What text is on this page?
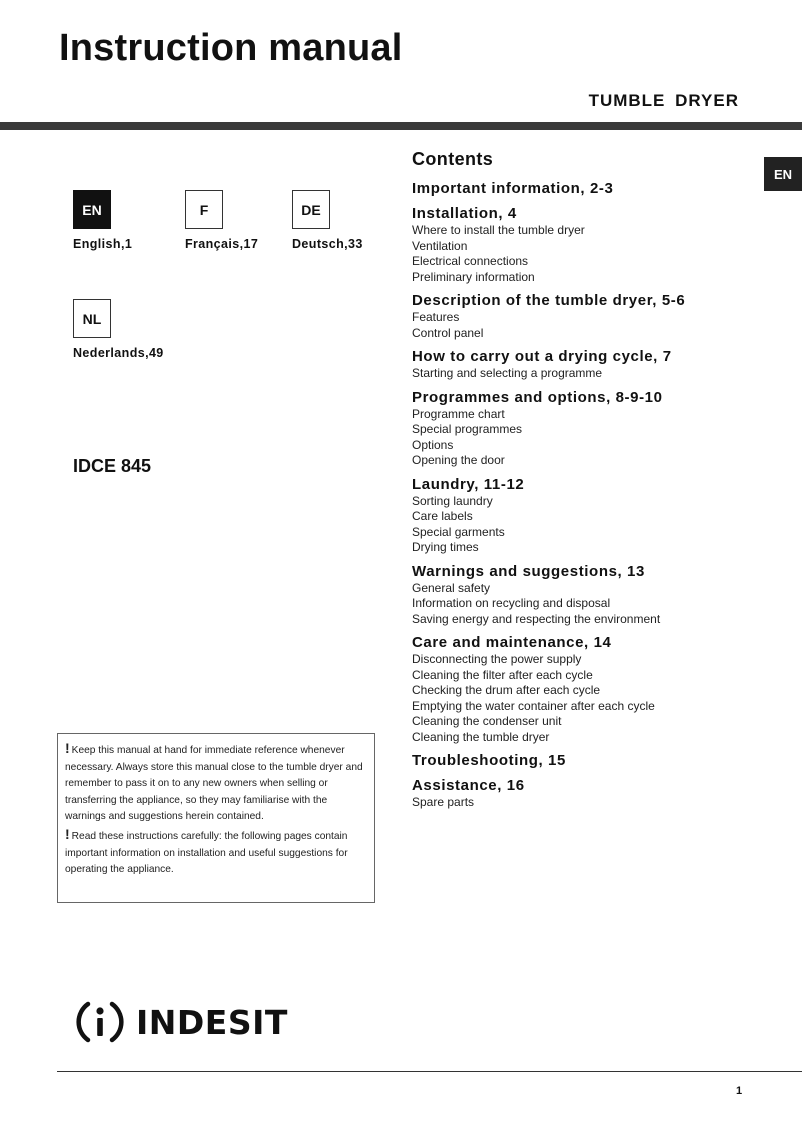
Instruction manual
TUMBLE DRYER
EN
EN
English,1
F
Français,17
DE
Deutsch,33
NL
Nederlands,49
IDCE 845

! Keep this manual at hand for immediate reference whenever necessary. Always store this manual close to the tumble dryer and remember to pass it on to any new owners when selling or transferring the appliance, so they may familiarise with the warnings and suggestions herein contained.

! Read these instructions carefully: the following pages contain important information on installation and useful suggestions for operating the appliance.

INDESIT
1
Contents
Important information, 2-3
Installation, 4
Where to install the tumble dryer
Ventilation
Electrical connections
Preliminary information
Description of the tumble dryer, 5-6
Features
Control panel
How to carry out a drying cycle, 7
Starting and selecting a programme
Programmes and options, 8-9-10
Programme chart
Special programmes
Options
Opening the door
Laundry, 11-12
Sorting laundry
Care labels
Special garments
Drying times
Warnings and suggestions, 13
General safety
Information on recycling and disposal
Saving energy and respecting the environment
Care and maintenance, 14
Disconnecting the power supply
Cleaning the filter after each cycle
Checking the drum after each cycle
Emptying the water container after each cycle
Cleaning the condenser unit
Cleaning the tumble dryer
Troubleshooting, 15
Assistance, 16
Spare parts
